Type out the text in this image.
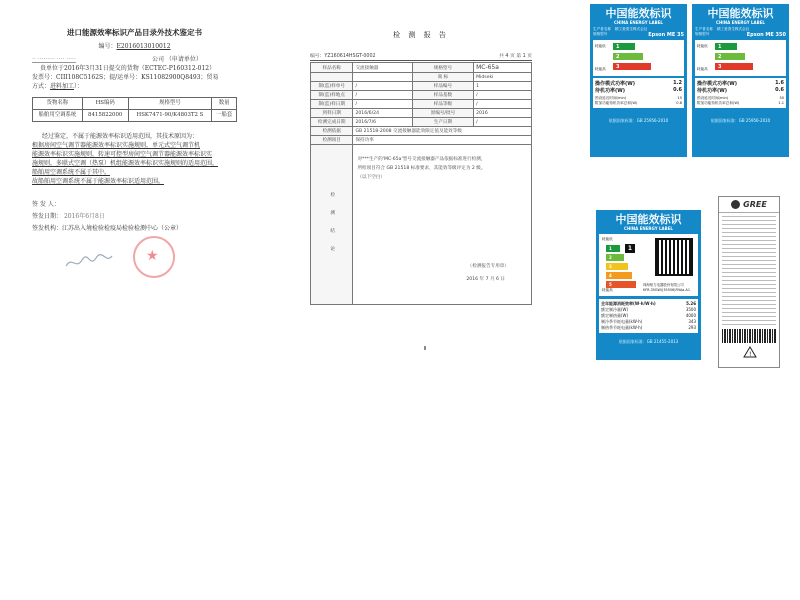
进口能源效率标识产品目录外技术鉴定书
编号：E2016013010012
·· ········· ···· ·····	公司 （申请单位）
贵单位于2016年3月31日提交的货物（ECTEC-P160312-012）
发票号：CIII108C5162S；提/运单号：KS11082900Q8493；贸易
方式：进料加工）：
货物名称	HS编码	规格型号	数量
船舶用空调系统	8415822000	HSK7471-90/K4803T2 S	一船套
经过鉴定，不属于能源效率标识适用范围，其技术原因为：
根据房间空气调节器能源效率标识实施规则，单元式空气调节机
能源效率标识实施规则，转速可控型房间空气调节器能源效率标识实
施规则，多联式空调（热泵）机组能源效率标识实施规则的适用范围，
船舶用空调系统不属于其中。
故船舶用空调系统不属于能源效率标识适用范围。
签 发 人：
签发日期： 2016年6月8日
签发机构：江苏出入境检验检疫局检验检测中心（公章）
★
检 测 报 告
编号：YZ160614HSGT-0002	共 4 页 第 1 页
样品名称	交流接触器	规格型号	MC-65a
		商 标	Midseki
制(监)样单号	/	样品编号	1
制(监)样地点	/	样品基数	/
制(监)样日期	/	样品等级	/
到样日期	2016/6/24	原编号/批号	2016
检测完成日期	2016/7/6	生产日期	/
检测依据	GB 21518-2008 交流接触器能效限定值及能效等级		
检测项目	保持功率		
检 测 结 论	对***生产的'MC-65a'型号交流接触器产品依据标准进行检测，
所检项目符合 GB 21518 标准要求，其能效等级评定为 2 级。
（以下空白）
（检测报告专用章）
2016 年 7 月 6 日		
中国能效标识
CHINA ENERGY LABEL
生产者名称 精工爱普生株式会社
规格型号	Epson ME 35
耗能低
耗能高
1
2
3
操作模式功率(W)	1.2
待机功率(W)	0.6
预设延迟时间(min)	15
附加功能待机功率总和(W)	0.6
依据国家标准：GB 25956-2010
中国能效标识
CHINA ENERGY LABEL
生产者名称 精工爱普生株式会社
规格型号	Epson ME 350
耗能低
耗能高
1
2
3
操作模式功率(W)	1.6
待机功率(W)	0.6
预设延迟时间(min)	30
附加功能待机功率总和(W)	1.1
依据国家标准：GB 25956-2010
中国能效标识
CHINA ENERGY LABEL
耗能低
耗能高
1
2
3
4
5
1
珠海格力电器股份有限公司
KFR-35GW/(35556)FNAa-A1
全年能源消耗效率(W·h/W·h)	5.26
额定制冷量(W)	3500
额定制热量(W)	4000
制冷季节耗电量(kW·h)	343
制热季节耗电量(kW·h)	293
依据国家标准：GB 21455-2013
GREE
!
